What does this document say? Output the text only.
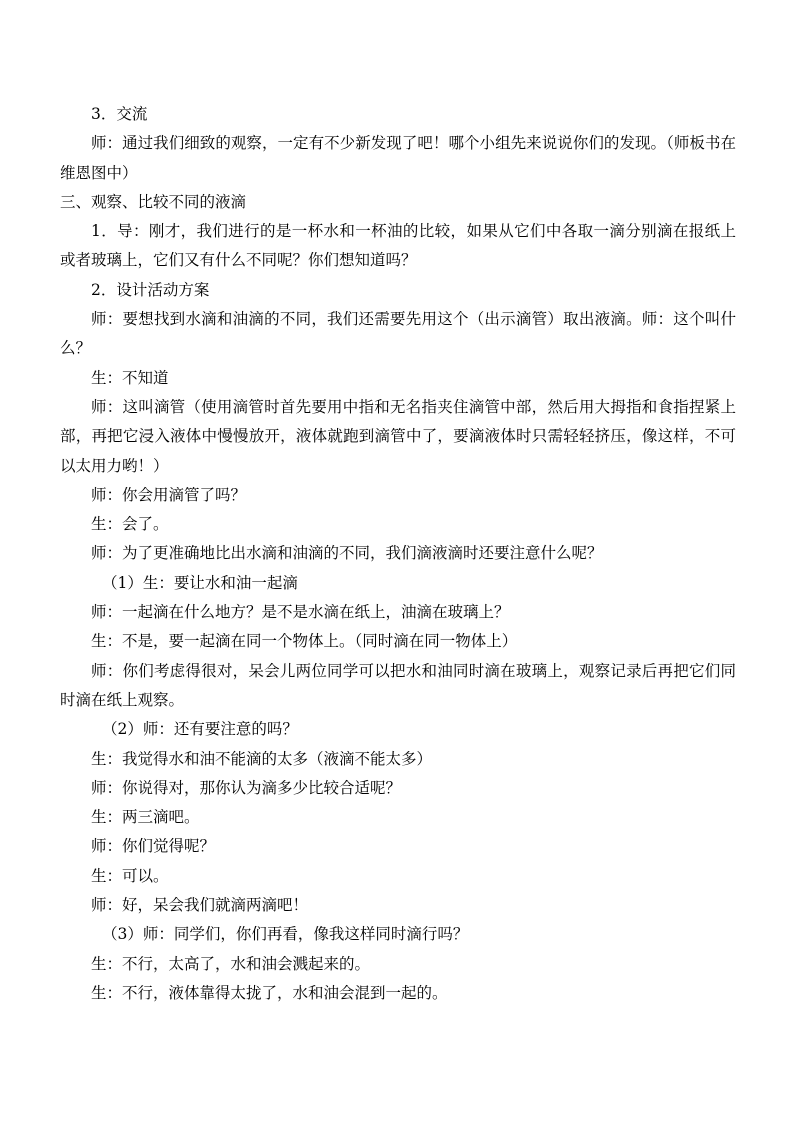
3．交流

师：通过我们细致的观察，一定有不少新发现了吧！哪个小组先来说说你们的发现。（师板书在维恩图中）

三、观察、比较不同的液滴

1．导：刚才，我们进行的是一杯水和一杯油的比较，如果从它们中各取一滴分别滴在报纸上或者玻璃上，它们又有什么不同呢？你们想知道吗？

2．设计活动方案

师：要想找到水滴和油滴的不同，我们还需要先用这个（出示滴管）取出液滴。师：这个叫什么？

生：不知道

师：这叫滴管（使用滴管时首先要用中指和无名指夹住滴管中部，然后用大拇指和食指捏紧上部，再把它浸入液体中慢慢放开，液体就跑到滴管中了，要滴液体时只需轻轻挤压，像这样，不可以太用力哟！）

师：你会用滴管了吗？

生：会了。

师：为了更准确地比出水滴和油滴的不同，我们滴液滴时还要注意什么呢？

（1）生：要让水和油一起滴

师：一起滴在什么地方？是不是水滴在纸上，油滴在玻璃上？

生：不是，要一起滴在同一个物体上。（同时滴在同一物体上）

师：你们考虑得很对，呆会儿两位同学可以把水和油同时滴在玻璃上，观察记录后再把它们同时滴在纸上观察。

（2）师：还有要注意的吗？

生：我觉得水和油不能滴的太多（液滴不能太多）

师：你说得对，那你认为滴多少比较合适呢？

生：两三滴吧。

师：你们觉得呢？

生：可以。

师：好，呆会我们就滴两滴吧！

（3）师：同学们，你们再看，像我这样同时滴行吗？

生：不行，太高了，水和油会溅起来的。

生：不行，液体靠得太拢了，水和油会混到一起的。
